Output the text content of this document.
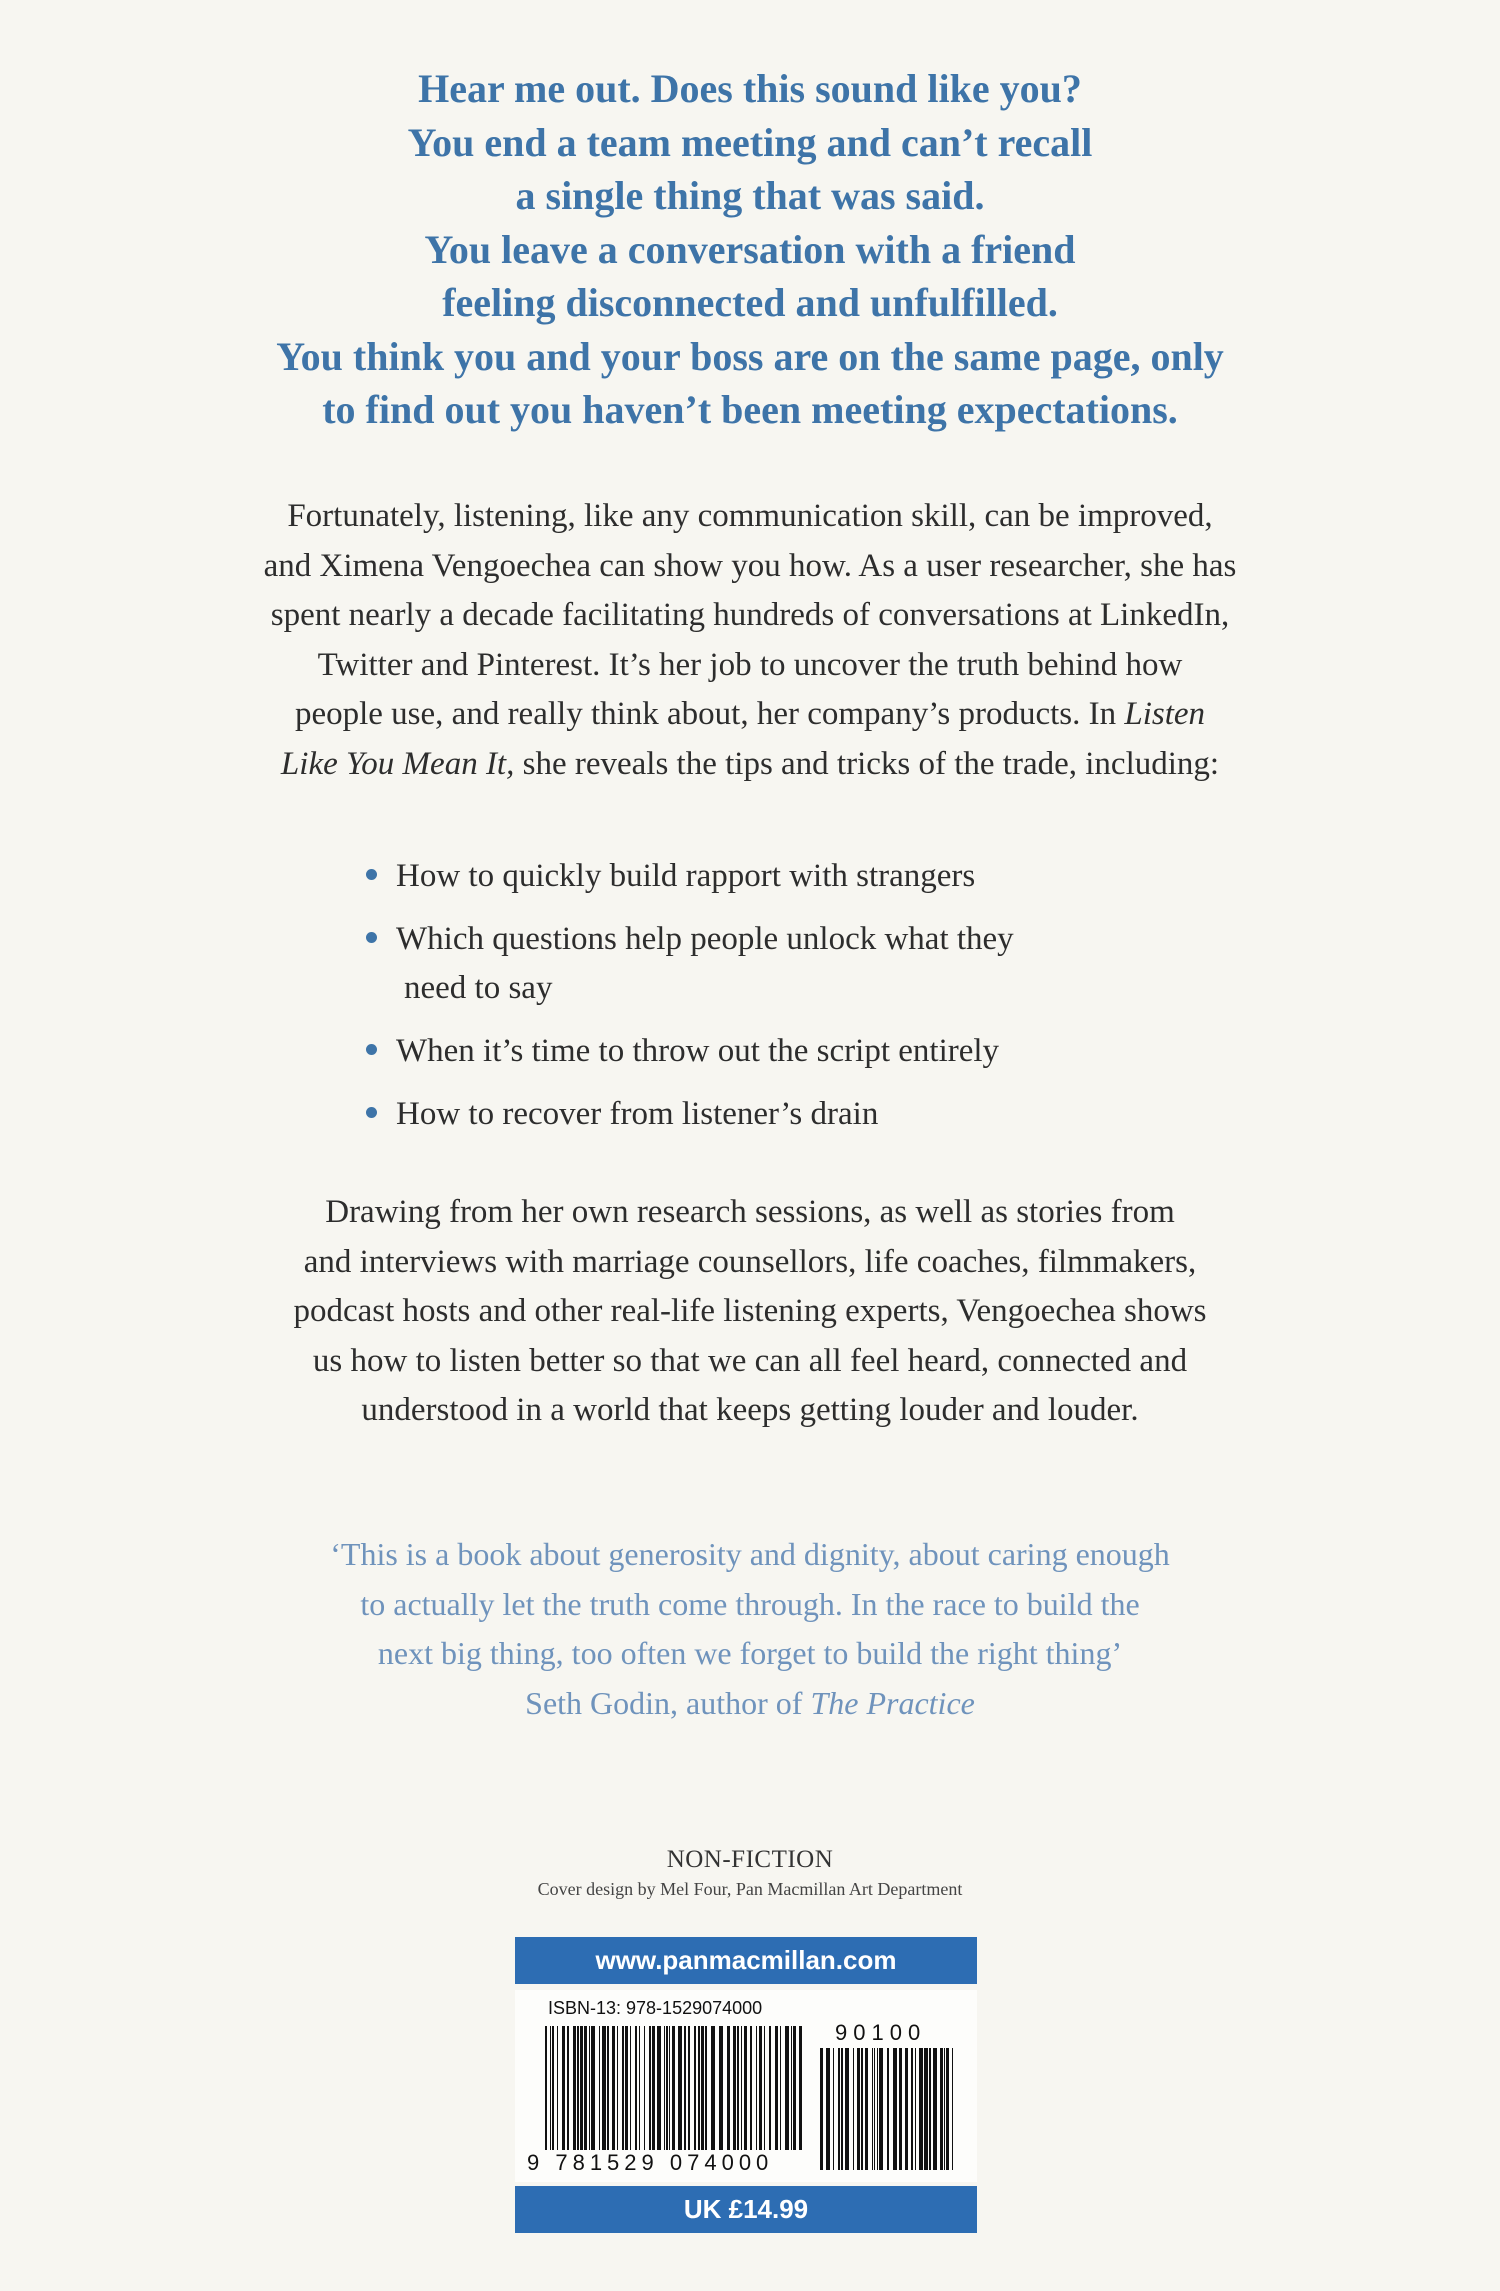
Hear me out. Does this sound like you?
You end a team meeting and can’t recall
a single thing that was said.
You leave a conversation with a friend
feeling disconnected and unfulfilled.
You think you and your boss are on the same page, only
to find out you haven’t been meeting expectations.
Fortunately, listening, like any communication skill, can be improved,
and Ximena Vengoechea can show you how. As a user researcher, she has
spent nearly a decade facilitating hundreds of conversations at LinkedIn,
Twitter and Pinterest. It’s her job to uncover the truth behind how
people use, and really think about, her company’s products. In Listen
Like You Mean It, she reveals the tips and tricks of the trade, including:
How to quickly build rapport with strangers
Which questions help people unlock what they
need to say
When it’s time to throw out the script entirely
How to recover from listener’s drain
Drawing from her own research sessions, as well as stories from
and interviews with marriage counsellors, life coaches, filmmakers,
podcast hosts and other real-life listening experts, Vengoechea shows
us how to listen better so that we can all feel heard, connected and
understood in a world that keeps getting louder and louder.
‘This is a book about generosity and dignity, about caring enough
to actually let the truth come through. In the race to build the
next big thing, too often we forget to build the right thing’
Seth Godin, author of The Practice
NON-FICTION
Cover design by Mel Four, Pan Macmillan Art Department
www.panmacmillan.com
ISBN-13: 978-1529074000
90100
9 781529 074000
UK £14.99
